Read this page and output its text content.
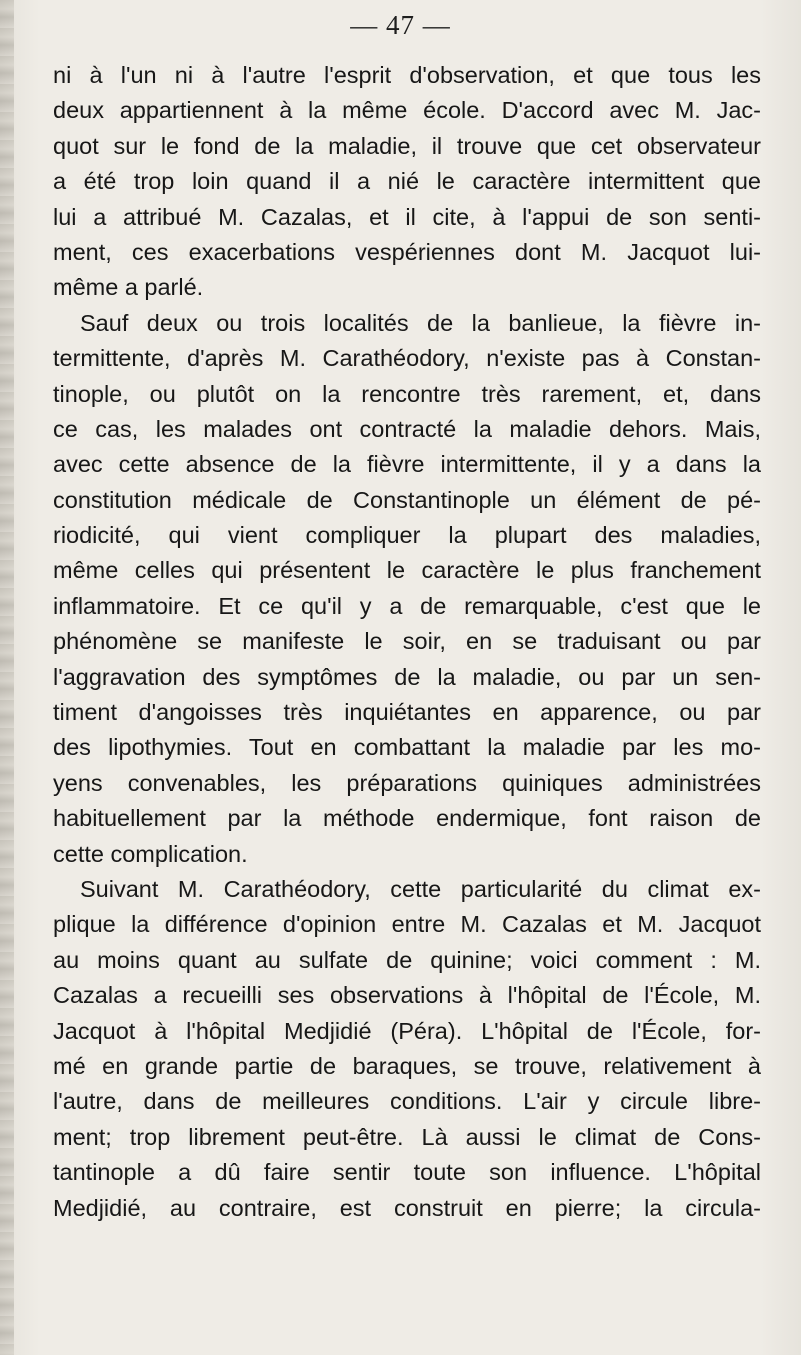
— 47 —
ni à l'un ni à l'autre l'esprit d'observation, et que tous les
deux appartiennent à la même école. D'accord avec M. Jac-
quot sur le fond de la maladie, il trouve que cet observateur
a été trop loin quand il a nié le caractère intermittent que
lui a attribué M. Cazalas, et il cite, à l'appui de son senti-
ment, ces exacerbations vespériennes dont M. Jacquot lui-
même a parlé.
Sauf deux ou trois localités de la banlieue, la fièvre in-
termittente, d'après M. Carathéodory, n'existe pas à Constan-
tinople, ou plutôt on la rencontre très rarement, et, dans
ce cas, les malades ont contracté la maladie dehors. Mais,
avec cette absence de la fièvre intermittente, il y a dans la
constitution médicale de Constantinople un élément de pé-
riodicité, qui vient compliquer la plupart des maladies,
même celles qui présentent le caractère le plus franchement
inflammatoire. Et ce qu'il y a de remarquable, c'est que le
phénomène se manifeste le soir, en se traduisant ou par
l'aggravation des symptômes de la maladie, ou par un sen-
timent d'angoisses très inquiétantes en apparence, ou par
des lipothymies. Tout en combattant la maladie par les mo-
yens convenables, les préparations quiniques administrées
habituellement par la méthode endermique, font raison de
cette complication.
Suivant M. Carathéodory, cette particularité du climat ex-
plique la différence d'opinion entre M. Cazalas et M. Jacquot
au moins quant au sulfate de quinine; voici comment : M.
Cazalas a recueilli ses observations à l'hôpital de l'École, M.
Jacquot à l'hôpital Medjidié (Péra). L'hôpital de l'École, for-
mé en grande partie de baraques, se trouve, relativement à
l'autre, dans de meilleures conditions. L'air y circule libre-
ment; trop librement peut-être. Là aussi le climat de Cons-
tantinople a dû faire sentir toute son influence. L'hôpital
Medjidié, au contraire, est construit en pierre; la circula-
